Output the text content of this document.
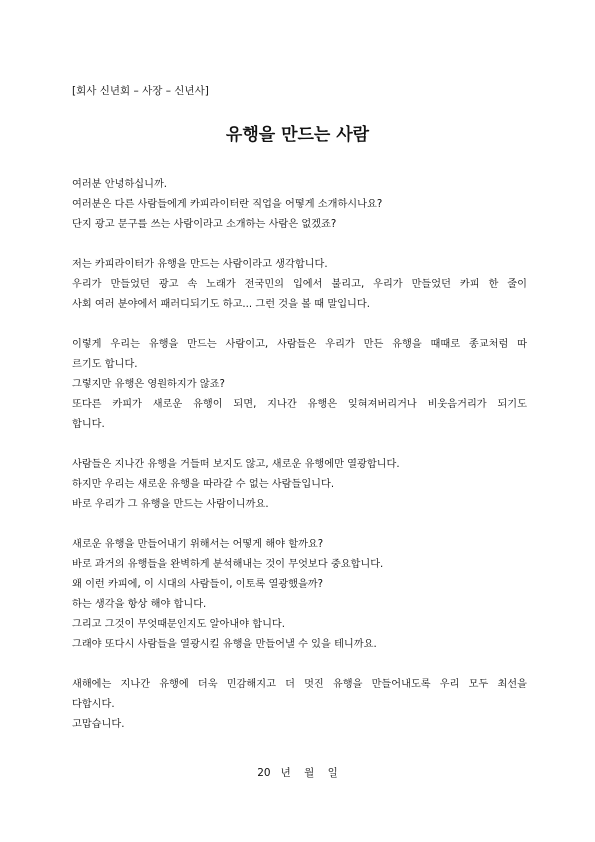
[회사 신년회 – 사장 – 신년사]
유행을 만드는 사람
여러분 안녕하십니까.
여러분은 다른 사람들에게 카피라이터란 직업을 어떻게 소개하시나요?
단지 광고 문구를 쓰는 사람이라고 소개하는 사람은 없겠죠?
저는 카피라이터가 유행을 만드는 사람이라고 생각합니다.
우리가 만들었던 광고 속 노래가 전국민의 입에서 불리고, 우리가 만들었던 카피 한 줄이
사회 여러 분야에서 패러디되기도 하고... 그런 것을 볼 때 말입니다.
이렇게 우리는 유행을 만드는 사람이고, 사람들은 우리가 만든 유행을 때때로 종교처럼 따
르기도 합니다.
그렇지만 유행은 영원하지가 않죠?
또다른 카피가 새로운 유행이 되면, 지나간 유행은 잊혀져버리거나 비웃음거리가 되기도
합니다.
사람들은 지나간 유행을 거들떠 보지도 않고, 새로운 유행에만 열광합니다.
하지만 우리는 새로운 유행을 따라갈 수 없는 사람들입니다.
바로 우리가 그 유행을 만드는 사람이니까요.
새로운 유행을 만들어내기 위해서는 어떻게 해야 할까요?
바로 과거의 유행들을 완벽하게 분석해내는 것이 무엇보다 중요합니다.
왜 이런 카피에, 이 시대의 사람들이, 이토록 열광했을까?
하는 생각을 항상 해야 합니다.
그리고 그것이 무엇때문인지도 알아내야 합니다.
그래야 또다시 사람들을 열광시킬 유행을 만들어낼 수 있을 테니까요.
새해에는 지나간 유행에 더욱 민감해지고 더 멋진 유행을 만들어내도록 우리 모두 최선을
다합시다.
고맙습니다.
20   년    월    일
